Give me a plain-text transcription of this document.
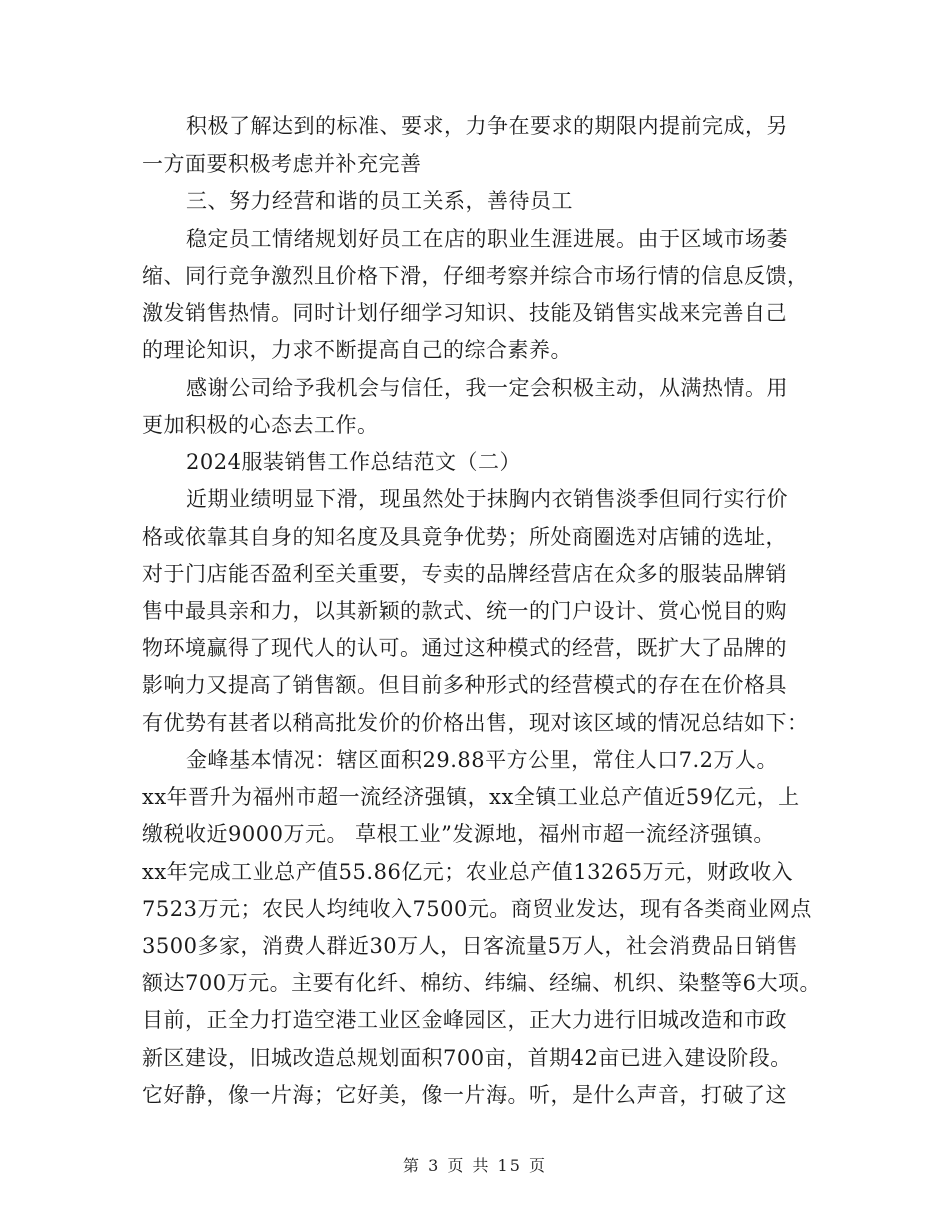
积极了解达到的标准、要求，力争在要求的期限内提前完成，另
一方面要积极考虑并补充完善
三、努力经营和谐的员工关系，善待员工
稳定员工情绪规划好员工在店的职业生涯进展。由于区域市场萎
缩、同行竞争激烈且价格下滑，仔细考察并综合市场行情的信息反馈，
激发销售热情。同时计划仔细学习知识、技能及销售实战来完善自己
的理论知识，力求不断提高自己的综合素养。
感谢公司给予我机会与信任，我一定会积极主动，从满热情。用
更加积极的心态去工作。
2024服装销售工作总结范文（二）
近期业绩明显下滑，现虽然处于抹胸内衣销售淡季但同行实行价
格或依靠其自身的知名度及具竟争优势；所处商圈选对店铺的选址，
对于门店能否盈利至关重要，专卖的品牌经营店在众多的服装品牌销
售中最具亲和力，以其新颖的款式、统一的门户设计、赏心悦目的购
物环境赢得了现代人的认可。通过这种模式的经营，既扩大了品牌的
影响力又提高了销售额。但目前多种形式的经营模式的存在在价格具
有优势有甚者以稍高批发价的价格出售，现对该区域的情况总结如下：
金峰基本情况：辖区面积29.88平方公里，常住人口7.2万人。
xx年晋升为福州市超一流经济强镇，xx全镇工业总产值近59亿元，上
缴税收近9000万元。 草根工业”发源地，福州市超一流经济强镇。
xx年完成工业总产值55.86亿元；农业总产值13265万元，财政收入
7523万元；农民人均纯收入7500元。商贸业发达，现有各类商业网点
3500多家，消费人群近30万人，日客流量5万人，社会消费品日销售
额达700万元。主要有化纤、棉纺、纬编、经编、机织、染整等6大项。
目前，正全力打造空港工业区金峰园区，正大力进行旧城改造和市政
新区建设，旧城改造总规划面积700亩，首期42亩已进入建设阶段。
它好静，像一片海；它好美，像一片海。听，是什么声音，打破了这
第 3 页 共 15 页
